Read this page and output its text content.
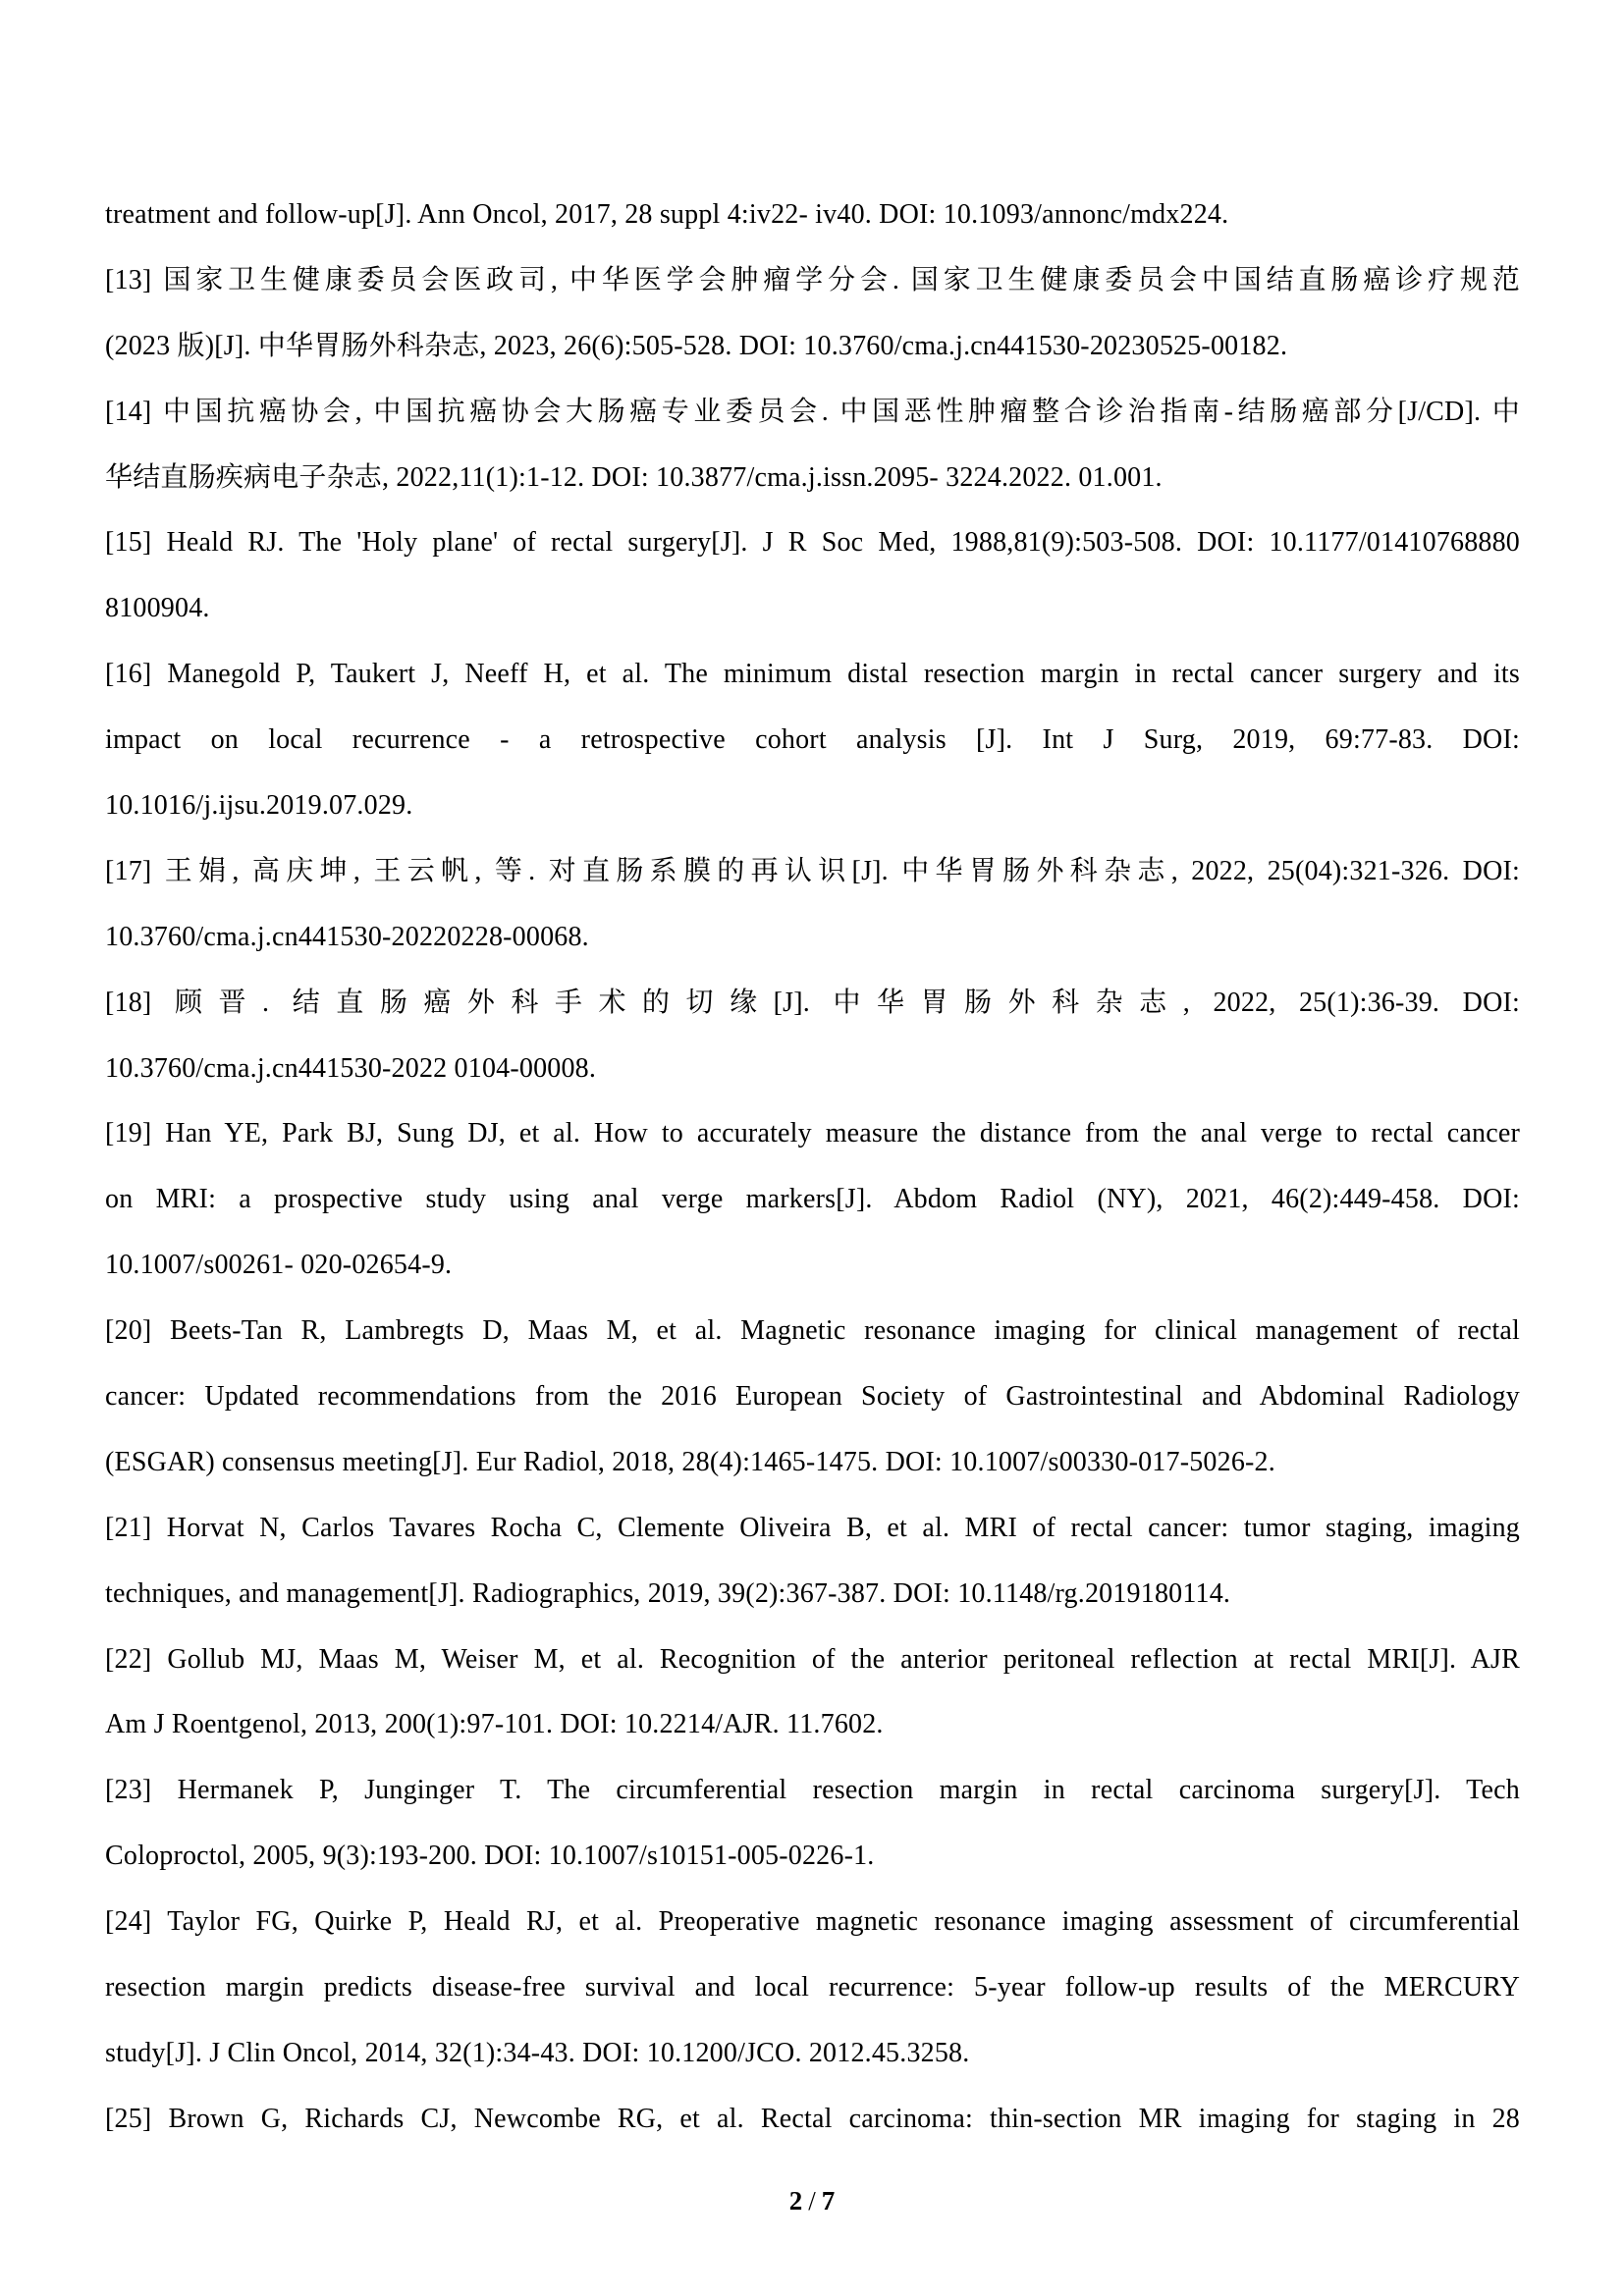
treatment and follow-up[J]. Ann Oncol, 2017, 28 suppl 4:iv22- iv40. DOI: 10.1093/annonc/mdx224.
[13] 国家卫生健康委员会医政司, 中华医学会肿瘤学分会. 国家卫生健康委员会中国结直肠癌诊疗规范
(2023 版)[J]. 中华胃肠外科杂志, 2023, 26(6):505-528. DOI: 10.3760/cma.j.cn441530-20230525-00182.
[14] 中国抗癌协会, 中国抗癌协会大肠癌专业委员会. 中国恶性肿瘤整合诊治指南-结肠癌部分[J/CD]. 中
华结直肠疾病电子杂志, 2022,11(1):1-12. DOI: 10.3877/cma.j.issn.2095- 3224.2022. 01.001.
[15] Heald RJ. The 'Holy plane' of rectal surgery[J]. J R Soc Med, 1988,81(9):503-508. DOI: 10.1177/01410768880
8100904.
[16] Manegold P, Taukert J, Neeff H, et al. The minimum distal resection margin in rectal cancer surgery and its
impact on local recurrence - a retrospective cohort analysis [J]. Int J Surg, 2019, 69:77-83. DOI:
10.1016/j.ijsu.2019.07.029.
[17] 王娟, 高庆坤, 王云帆, 等. 对直肠系膜的再认识[J]. 中华胃肠外科杂志, 2022, 25(04):321-326. DOI:
10.3760/cma.j.cn441530-20220228-00068.
[18] 顾晋. 结直肠癌外科手术的切缘[J]. 中华胃肠外科杂志, 2022, 25(1):36-39. DOI:
10.3760/cma.j.cn441530-2022 0104-00008.
[19] Han YE, Park BJ, Sung DJ, et al. How to accurately measure the distance from the anal verge to rectal cancer
on MRI: a prospective study using anal verge markers[J]. Abdom Radiol (NY), 2021, 46(2):449-458. DOI:
10.1007/s00261- 020-02654-9.
[20] Beets-Tan R, Lambregts D, Maas M, et al. Magnetic resonance imaging for clinical management of rectal
cancer: Updated recommendations from the 2016 European Society of Gastrointestinal and Abdominal Radiology
(ESGAR) consensus meeting[J]. Eur Radiol, 2018, 28(4):1465-1475. DOI: 10.1007/s00330-017-5026-2.
[21] Horvat N, Carlos Tavares Rocha C, Clemente Oliveira B, et al. MRI of rectal cancer: tumor staging, imaging
techniques, and management[J]. Radiographics, 2019, 39(2):367-387. DOI: 10.1148/rg.2019180114.
[22] Gollub MJ, Maas M, Weiser M, et al. Recognition of the anterior peritoneal reflection at rectal MRI[J]. AJR
Am J Roentgenol, 2013, 200(1):97-101. DOI: 10.2214/AJR. 11.7602.
[23] Hermanek P, Junginger T. The circumferential resection margin in rectal carcinoma surgery[J]. Tech
Coloproctol, 2005, 9(3):193-200. DOI: 10.1007/s10151-005-0226-1.
[24] Taylor FG, Quirke P, Heald RJ, et al. Preoperative magnetic resonance imaging assessment of circumferential
resection margin predicts disease-free survival and local recurrence: 5-year follow-up results of the MERCURY
study[J]. J Clin Oncol, 2014, 32(1):34-43. DOI: 10.1200/JCO. 2012.45.3258.
[25] Brown G, Richards CJ, Newcombe RG, et al. Rectal carcinoma: thin-section MR imaging for staging in 28
2 / 7
